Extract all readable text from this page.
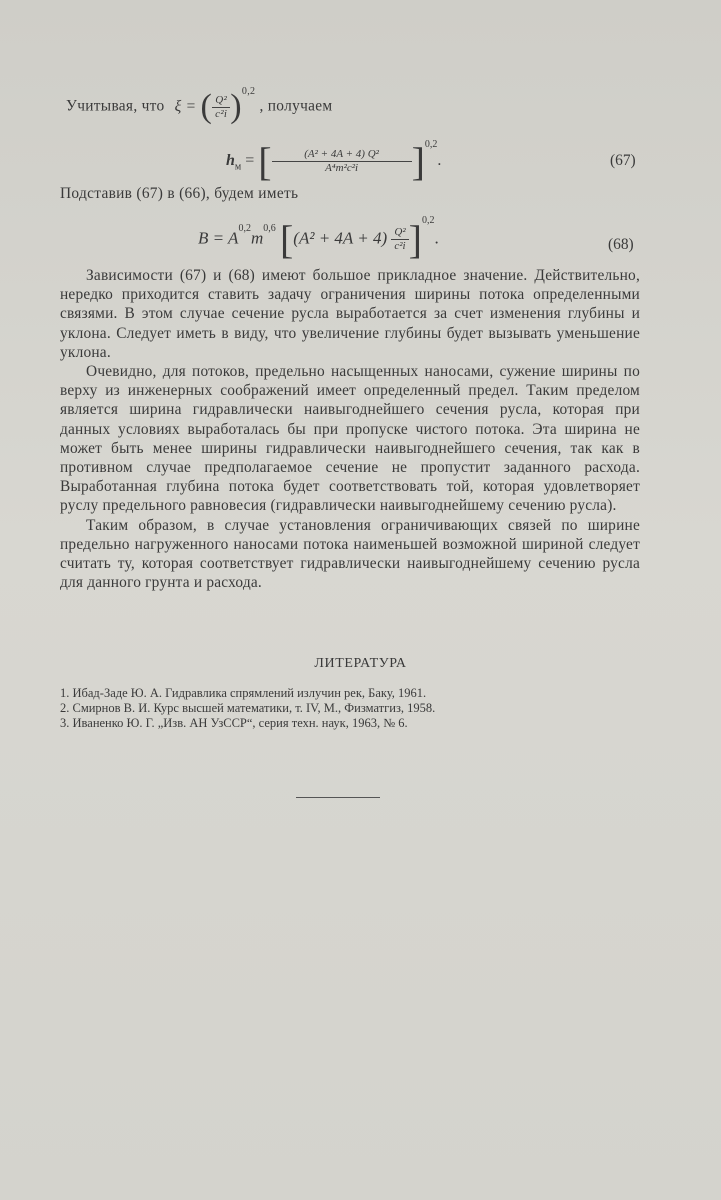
Учитывая, что ξ = ( $\frac{\text{Q²}}{\text{c²i}} )^{0,2}$ , получаем
$h_м$ = [ $\frac{\text{(A² + 4A + 4) Q²}}{\text{A⁴m²c²i}} ]^{0,2}$.	(67)
Подставив (67) в (66), будем иметь
$B = A^{0,2}m^{0,6}$ $[(A^2 + 4A + 4) \frac{\text{Q²}}{\text{c²i}} ]^{0,2}$.	(68)

Зависимости (67) и (68) имеют большое прикладное значение. Действительно, нередко приходится ставить задачу ограничения ширины потока определенными связями. В этом случае сечение русла выработается за счет изменения глубины и уклона. Следует иметь в виду, что увеличение глубины будет вызывать уменьшение уклона.

Очевидно, для потоков, предельно насыщенных наносами, сужение ширины по верху из инженерных соображений имеет определенный предел. Таким пределом является ширина гидравлически наивыгоднейшего сечения русла, которая при данных условиях выработалась бы при пропуске чистого потока. Эта ширина не может быть менее ширины гидравлически наивыгоднейшего сечения, так как в противном случае предполагаемое сечение не пропустит заданного расхода. Выработанная глубина потока будет соответствовать той, которая удовлетворяет руслу предельного равновесия (гидравлически наивыгоднейшему сечению русла).

Таким образом, в случае установления ограничивающих связей по ширине предельно нагруженного наносами потока наименьшей возможной шириной следует считать ту, которая соответствует гидравлически наивыгоднейшему сечению русла для данного грунта и расхода.

ЛИТЕРАТУРА
1. Ибад-Заде Ю. А. Гидравлика спрямлений излучин рек, Баку, 1961.
2. Смирнов В. И. Курс высшей математики, т. IV, М., Физматгиз, 1958.
3. Иваненко Ю. Г. „Изв. АН УзССР“, серия техн. наук, 1963, № 6.
